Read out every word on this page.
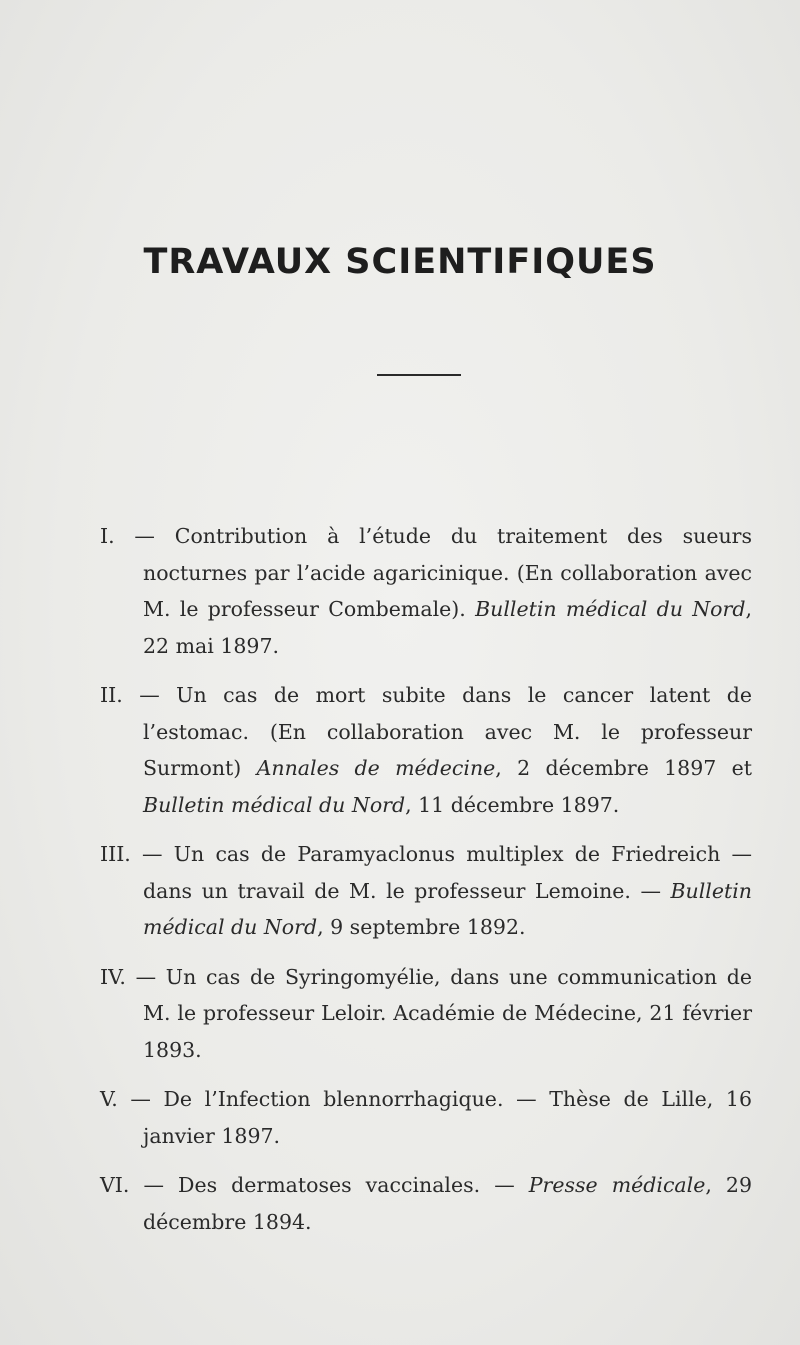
TRAVAUX SCIENTIFIQUES

I. — Contribution à l’étude du traitement des sueurs nocturnes par l’acide agaricinique. (En collaboration avec M. le professeur Combemale). Bulletin médical du Nord, 22 mai 1897.

II. — Un cas de mort subite dans le cancer latent de l’estomac. (En collaboration avec M. le professeur Surmont) Annales de médecine, 2 décembre 1897 et Bulletin médical du Nord, 11 décembre 1897.

III. — Un cas de Paramyaclonus multiplex de Friedreich — dans un travail de M. le professeur Lemoine. — Bulletin médical du Nord, 9 septembre 1892.

IV. — Un cas de Syringomyélie, dans une communication de M. le professeur Leloir. Académie de Médecine, 21 février 1893.

V. — De l’Infection blennorrhagique. — Thèse de Lille, 16 janvier 1897.

VI. — Des dermatoses vaccinales. — Presse médicale, 29 décembre 1894.
